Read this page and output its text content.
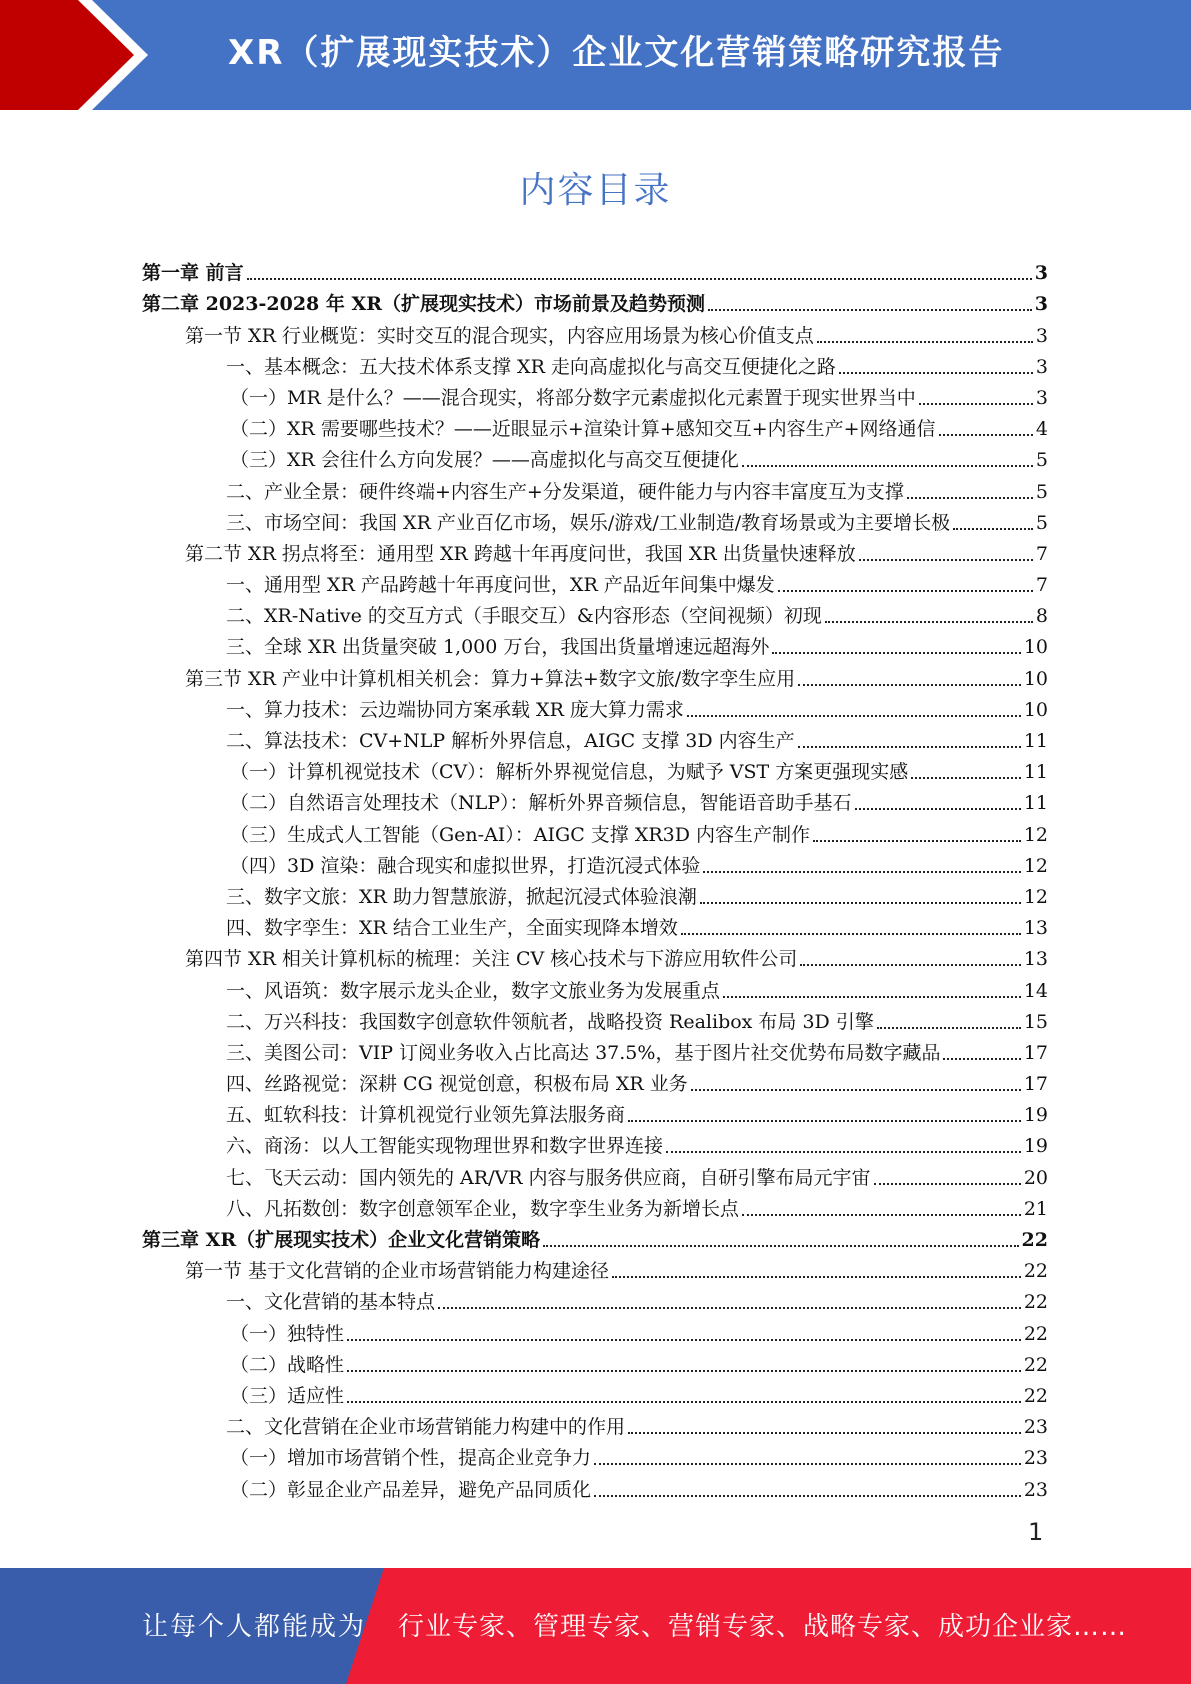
XR（扩展现实技术）企业文化营销策略研究报告
内容目录
第一章 前言	3
第二章 2023-2028 年 XR（扩展现实技术）市场前景及趋势预测	3
第一节 XR 行业概览：实时交互的混合现实，内容应用场景为核心价值支点	3
一、基本概念：五大技术体系支撑 XR 走向高虚拟化与高交互便捷化之路	3
（一）MR 是什么？——混合现实，将部分数字元素虚拟化元素置于现实世界当中	3
（二）XR 需要哪些技术？——近眼显示+渲染计算+感知交互+内容生产+网络通信	4
（三）XR 会往什么方向发展？——高虚拟化与高交互便捷化	5
二、产业全景：硬件终端+内容生产+分发渠道，硬件能力与内容丰富度互为支撑	5
三、市场空间：我国 XR 产业百亿市场，娱乐/游戏/工业制造/教育场景或为主要增长极	5
第二节 XR 拐点将至：通用型 XR 跨越十年再度问世，我国 XR 出货量快速释放	7
一、通用型 XR 产品跨越十年再度问世，XR 产品近年间集中爆发	7
二、XR-Native 的交互方式（手眼交互）&内容形态（空间视频）初现	8
三、全球 XR 出货量突破 1,000 万台，我国出货量增速远超海外	10
第三节 XR 产业中计算机相关机会：算力+算法+数字文旅/数字孪生应用	10
一、算力技术：云边端协同方案承载 XR 庞大算力需求	10
二、算法技术：CV+NLP 解析外界信息，AIGC 支撑 3D 内容生产	11
（一）计算机视觉技术（CV）：解析外界视觉信息，为赋予 VST 方案更强现实感	11
（二）自然语言处理技术（NLP）：解析外界音频信息，智能语音助手基石	11
（三）生成式人工智能（Gen-AI）：AIGC 支撑 XR3D 内容生产制作	12
（四）3D 渲染：融合现实和虚拟世界，打造沉浸式体验	12
三、数字文旅：XR 助力智慧旅游，掀起沉浸式体验浪潮	12
四、数字孪生：XR 结合工业生产，全面实现降本增效	13
第四节 XR 相关计算机标的梳理：关注 CV 核心技术与下游应用软件公司	13
一、风语筑：数字展示龙头企业，数字文旅业务为发展重点	14
二、万兴科技：我国数字创意软件领航者，战略投资 Realibox 布局 3D 引擎	15
三、美图公司：VIP 订阅业务收入占比高达 37.5%，基于图片社交优势布局数字藏品	17
四、丝路视觉：深耕 CG 视觉创意，积极布局 XR 业务	17
五、虹软科技：计算机视觉行业领先算法服务商	19
六、商汤：以人工智能实现物理世界和数字世界连接	19
七、飞天云动：国内领先的 AR/VR 内容与服务供应商，自研引擎布局元宇宙	20
八、凡拓数创：数字创意领军企业，数字孪生业务为新增长点	21
第三章 XR（扩展现实技术）企业文化营销策略	22
第一节 基于文化营销的企业市场营销能力构建途径	22
一、文化营销的基本特点	22
（一）独特性	22
（二）战略性	22
（三）适应性	22
二、文化营销在企业市场营销能力构建中的作用	23
（一）增加市场营销个性，提高企业竞争力	23
（二）彰显企业产品差异，避免产品同质化	23
1
让每个人都能成为 行业专家、管理专家、营销专家、战略专家、成功企业家……
